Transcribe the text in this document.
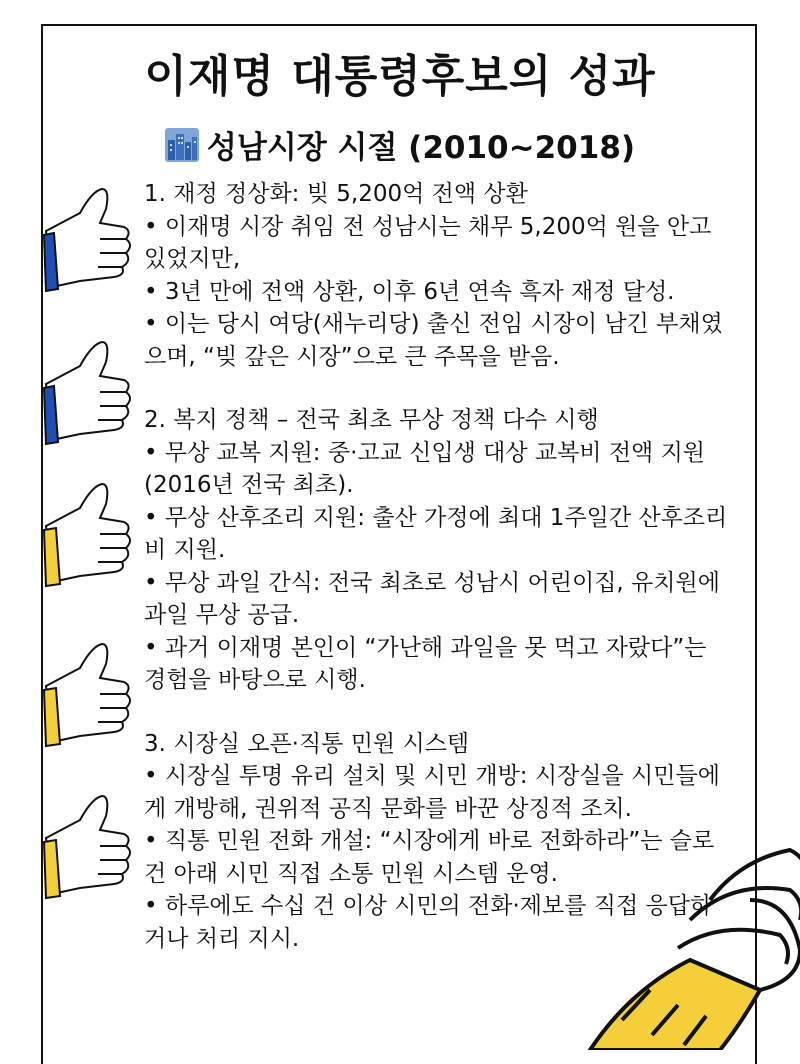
이재명 대통령후보의 성과
성남시장 시절 (2010~2018)

1. 재정 정상화: 빚 5,200억 전액 상환

• 이재명 시장 취임 전 성남시는 채무 5,200억 원을 안고 있었지만,

• 3년 만에 전액 상환, 이후 6년 연속 흑자 재정 달성.

• 이는 당시 여당(새누리당) 출신 전임 시장이 남긴 부채였으며, “빚 갚은 시장”으로 큰 주목을 받음.

2. 복지 정책 – 전국 최초 무상 정책 다수 시행

• 무상 교복 지원: 중·고교 신입생 대상 교복비 전액 지원 (2016년 전국 최초).

• 무상 산후조리 지원: 출산 가정에 최대 1주일간 산후조리비 지원.

• 무상 과일 간식: 전국 최초로 성남시 어린이집, 유치원에 과일 무상 공급.

• 과거 이재명 본인이 “가난해 과일을 못 먹고 자랐다”는 경험을 바탕으로 시행.

3. 시장실 오픈·직통 민원 시스템

• 시장실 투명 유리 설치 및 시민 개방: 시장실을 시민들에게 개방해, 권위적 공직 문화를 바꾼 상징적 조치.

• 직통 민원 전화 개설: “시장에게 바로 전화하라”는 슬로건 아래 시민 직접 소통 민원 시스템 운영.

• 하루에도 수십 건 이상 시민의 전화·제보를 직접 응답하거나 처리 지시.
